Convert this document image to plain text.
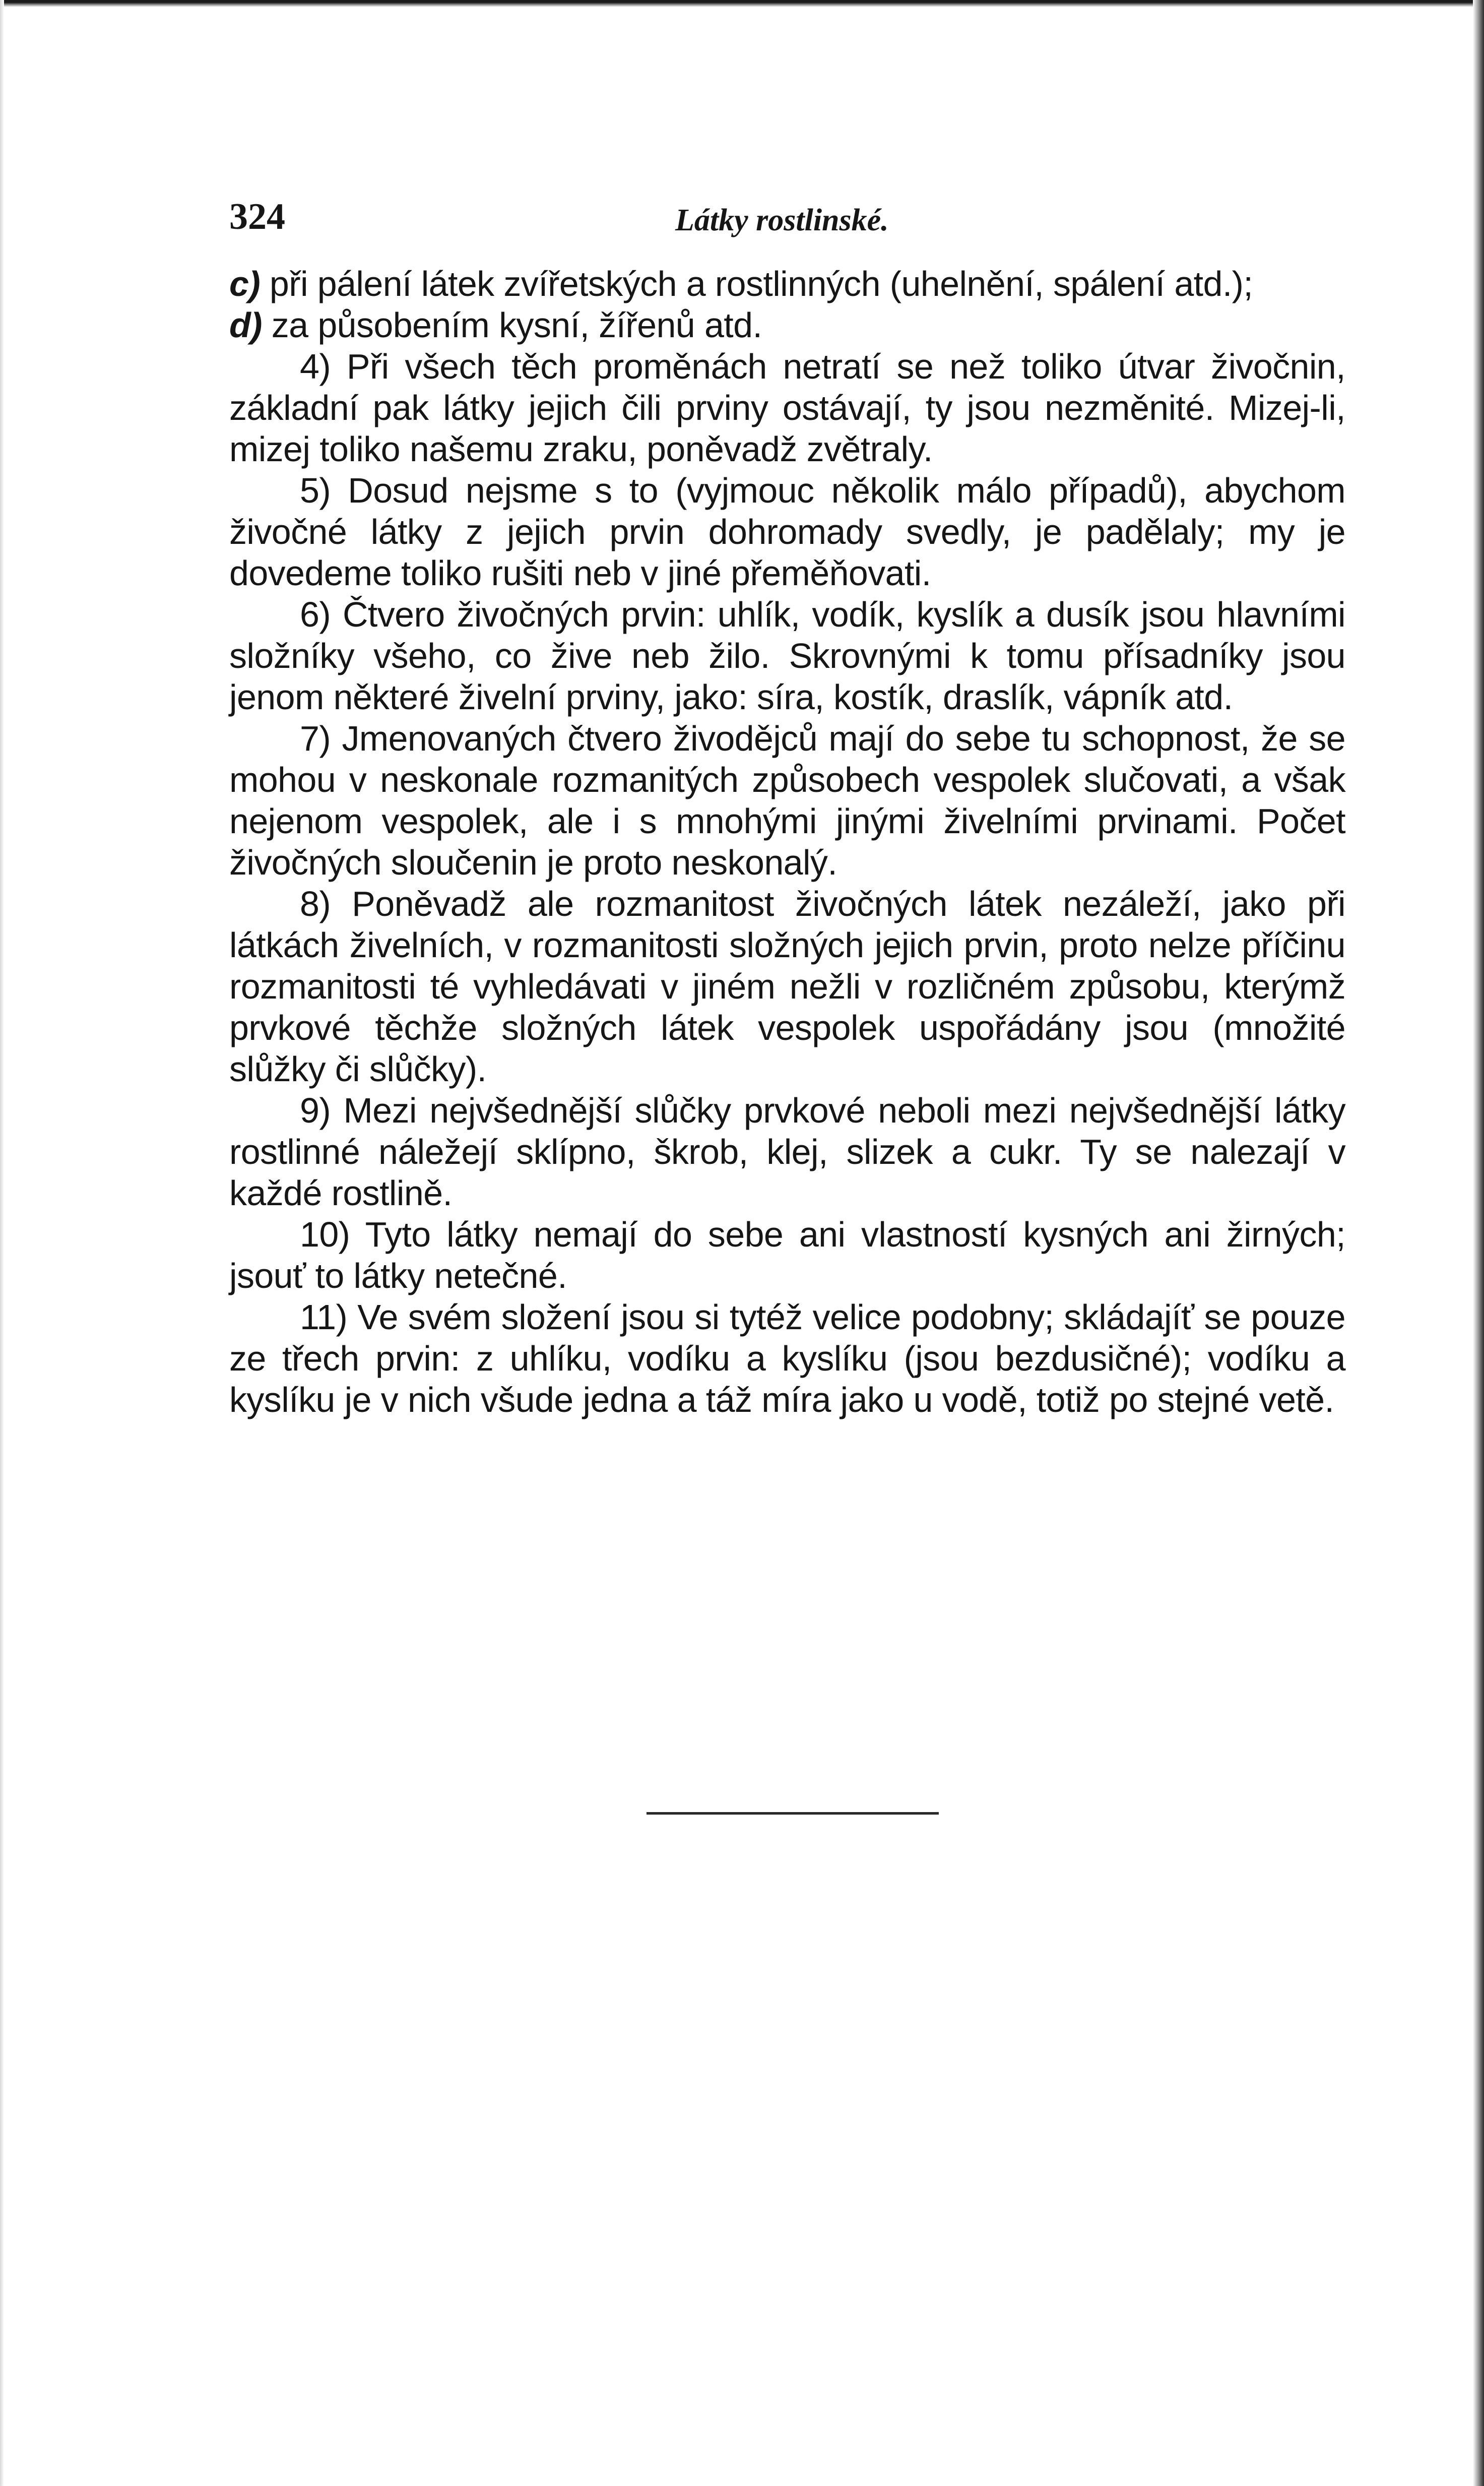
324	Látky rostlinské.

c) při pálení látek zvířetských a rostlinných (uhelnění, spálení atd.);

d) za působením kysní, žířenů atd.

4) Při všech těch proměnách netratí se než toliko útvar živočnin, základní pak látky jejich čili prviny ostávají, ty jsou nezměnité. Mizej-li, mizej toliko našemu zraku, poněvadž zvětraly.

5) Dosud nejsme s to (vyjmouc několik málo případů), abychom živočné látky z jejich prvin dohromady svedly, je padělaly; my je dovedeme toliko rušiti neb v jiné přeměňovati.

6) Čtvero živočných prvin: uhlík, vodík, kyslík a dusík jsou hlavními složníky všeho, co žive neb žilo. Skrovnými k tomu přísadníky jsou jenom některé živelní prviny, jako: síra, kostík, draslík, vápník atd.

7) Jmenovaných čtvero živodějců mají do sebe tu schopnost, že se mohou v neskonale rozmanitých způsobech vespolek slučovati, a však nejenom vespolek, ale i s mnohými jinými živelními prvinami. Počet živočných sloučenin je proto neskonalý.

8) Poněvadž ale rozmanitost živočných látek nezáleží, jako při látkách živelních, v rozmanitosti složných jejich prvin, proto nelze příčinu rozmanitosti té vyhledávati v jiném nežli v rozličném způsobu, kterýmž prvkové těchže složných látek vespolek uspořádány jsou (množité slůžky či slůčky).

9) Mezi nejvšednější slůčky prvkové neboli mezi nejvšednější látky rostlinné náležejí sklípno, škrob, klej, slizek a cukr. Ty se nalezají v každé rostlině.

10) Tyto látky nemají do sebe ani vlastností kysných ani žirných; jsouť to látky netečné.

11) Ve svém složení jsou si tytéž velice podobny; skládajíť se pouze ze třech prvin: z uhlíku, vodíku a kyslíku (jsou bezdusičné); vodíku a kyslíku je v nich všude jedna a táž míra jako u vodě, totiž po stejné vetě.
